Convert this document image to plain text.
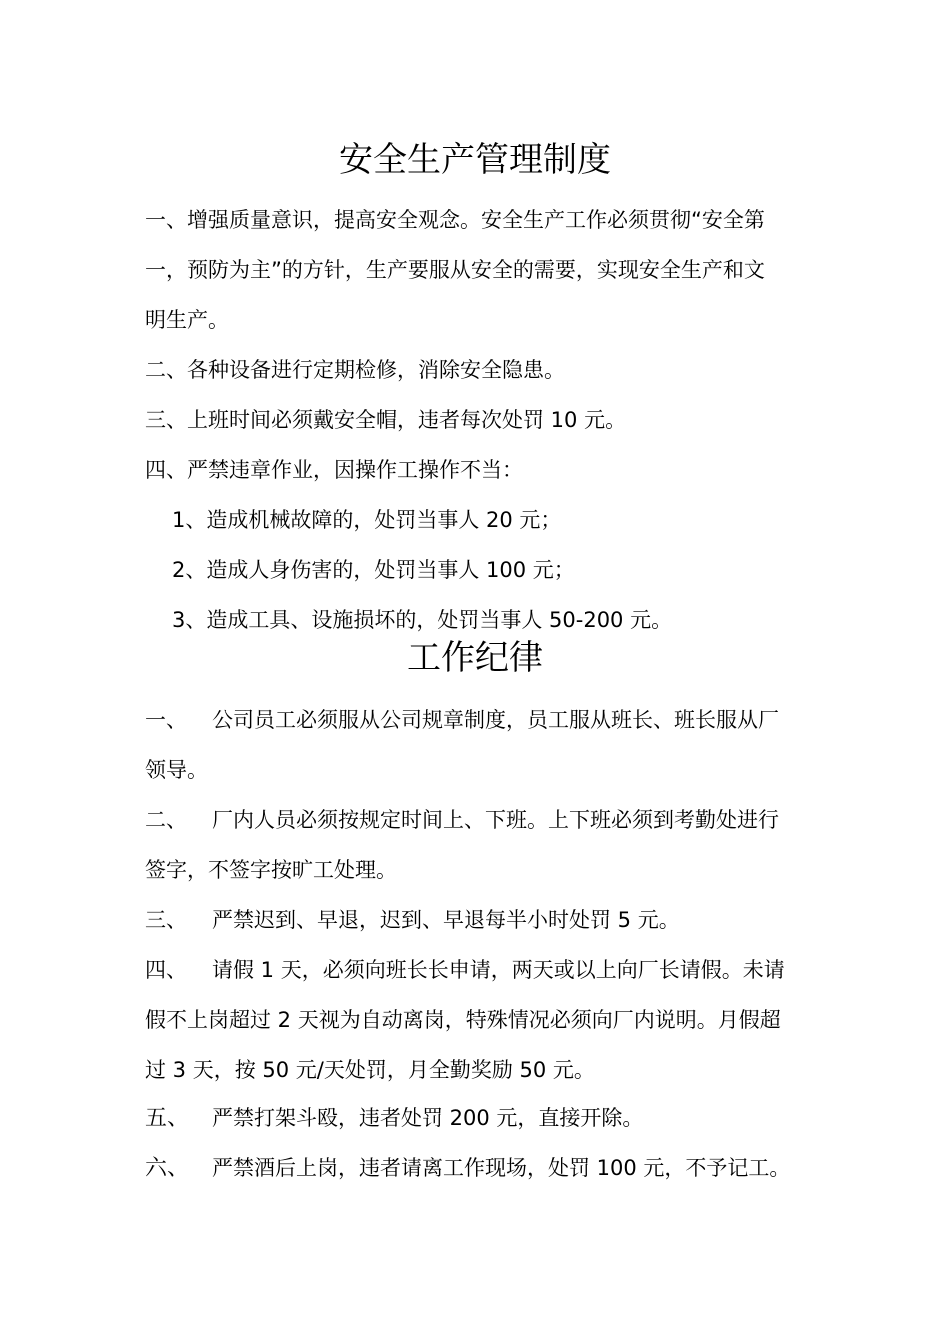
安全生产管理制度
一、增强质量意识，提高安全观念。安全生产工作必须贯彻“安全第
一，预防为主”的方针，生产要服从安全的需要，实现安全生产和文
明生产。
二、各种设备进行定期检修，消除安全隐患。
三、上班时间必须戴安全帽，违者每次处罚 10 元。
四、严禁违章作业，因操作工操作不当：
1、造成机械故障的，处罚当事人 20 元；
2、造成人身伤害的，处罚当事人 100 元；
3、造成工具、设施损坏的，处罚当事人 50-200 元。
工作纪律
一、 公司员工必须服从公司规章制度，员工服从班长、班长服从厂
领导。
二、 厂内人员必须按规定时间上、下班。上下班必须到考勤处进行
签字，不签字按旷工处理。
三、 严禁迟到、早退，迟到、早退每半小时处罚 5 元。
四、 请假 1 天，必须向班长长申请，两天或以上向厂长请假。未请
假不上岗超过 2 天视为自动离岗，特殊情况必须向厂内说明。月假超
过 3 天，按 50 元/天处罚，月全勤奖励 50 元。
五、 严禁打架斗殴，违者处罚 200 元，直接开除。
六、 严禁酒后上岗，违者请离工作现场，处罚 100 元，不予记工。
